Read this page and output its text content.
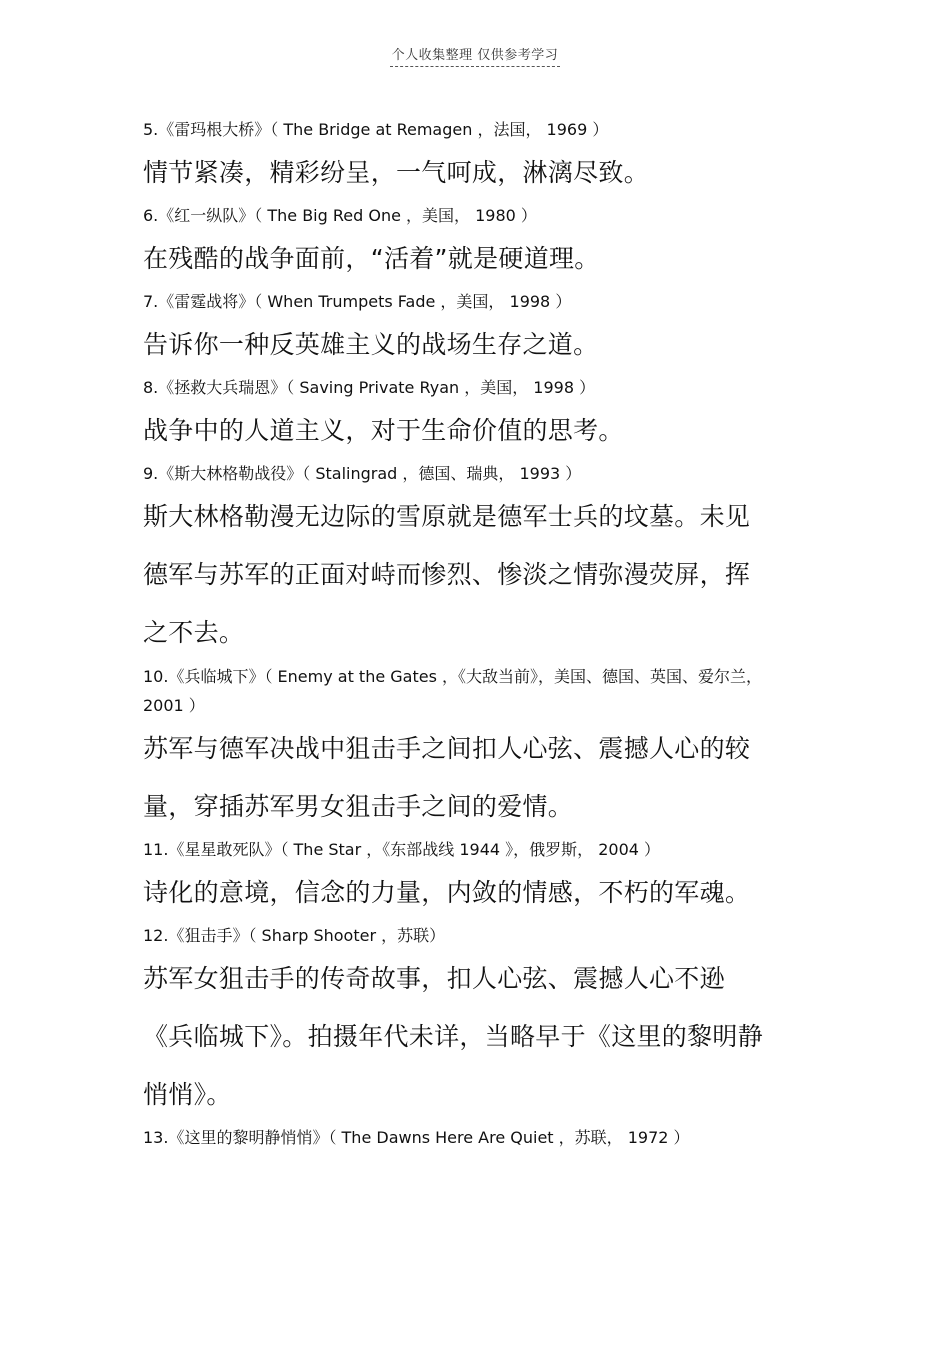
个人收集整理 仅供参考学习

5.《雷玛根大桥》（ The Bridge at Remagen ，法国， 1969 ）

情节紧凑，精彩纷呈，一气呵成，淋漓尽致。

6.《红一纵队》（ The Big Red One ，美国， 1980 ）

在残酷的战争面前，“活着”就是硬道理。

7.《雷霆战将》（ When Trumpets Fade ，美国， 1998 ）

告诉你一种反英雄主义的战场生存之道。

8.《拯救大兵瑞恩》（ Saving Private Ryan ，美国， 1998 ）

战争中的人道主义，对于生命价值的思考。

9.《斯大林格勒战役》（ Stalingrad ，德国、瑞典， 1993 ）

斯大林格勒漫无边际的雪原就是德军士兵的坟墓。未见德军与苏军的正面对峙而惨烈、惨淡之情弥漫荧屏，挥之不去。

10.《兵临城下》（ Enemy at the Gates ，《大敌当前》，美国、德国、英国、爱尔兰， 2001 ）

苏军与德军决战中狙击手之间扣人心弦、震撼人心的较量，穿插苏军男女狙击手之间的爱情。

11.《星星敢死队》（ The Star ，《东部战线 1944 》，俄罗斯， 2004 ）

诗化的意境，信念的力量，内敛的情感，不朽的军魂。

12.《狙击手》（ Sharp Shooter ，苏联）

苏军女狙击手的传奇故事，扣人心弦、震撼人心不逊《兵临城下》。拍摄年代未详，当略早于《这里的黎明静悄悄》。

13.《这里的黎明静悄悄》（ The Dawns Here Are Quiet ，苏联， 1972 ）
